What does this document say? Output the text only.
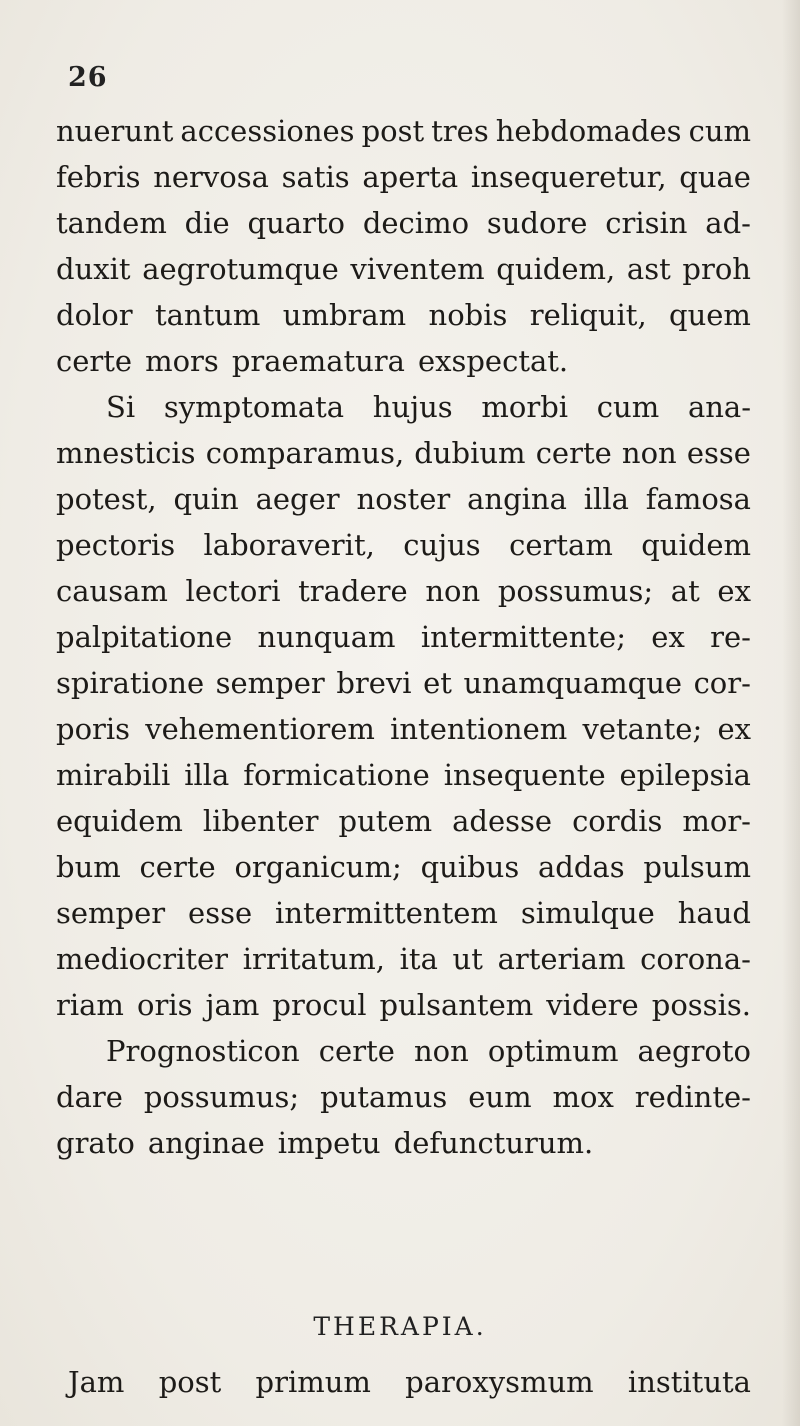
26
nuerunt accessiones post tres hebdomades cum
febris nervosa satis aperta insequeretur, quae
tandem die quarto decimo sudore crisin ad-
duxit aegrotumque viventem quidem, ast proh
dolor tantum umbram nobis reliquit, quem
certe mors praematura exspectat.
Si symptomata hujus morbi cum ana-
mnesticis comparamus, dubium certe non esse
potest, quin aeger noster angina illa famosa
pectoris laboraverit, cujus certam quidem
causam lectori tradere non possumus; at ex
palpitatione nunquam intermittente; ex re-
spiratione semper brevi et unamquamque cor-
poris vehementiorem intentionem vetante; ex
mirabili illa formicatione insequente epilepsia
equidem libenter putem adesse cordis mor-
bum certe organicum; quibus addas pulsum
semper esse intermittentem simulque haud
mediocriter irritatum, ita ut arteriam corona-
riam oris jam procul pulsantem videre possis.
Prognosticon certe non optimum aegroto
dare possumus; putamus eum mox redinte-
grato anginae impetu defuncturum.
THERAPIA.
Jam post primum paroxysmum instituta
